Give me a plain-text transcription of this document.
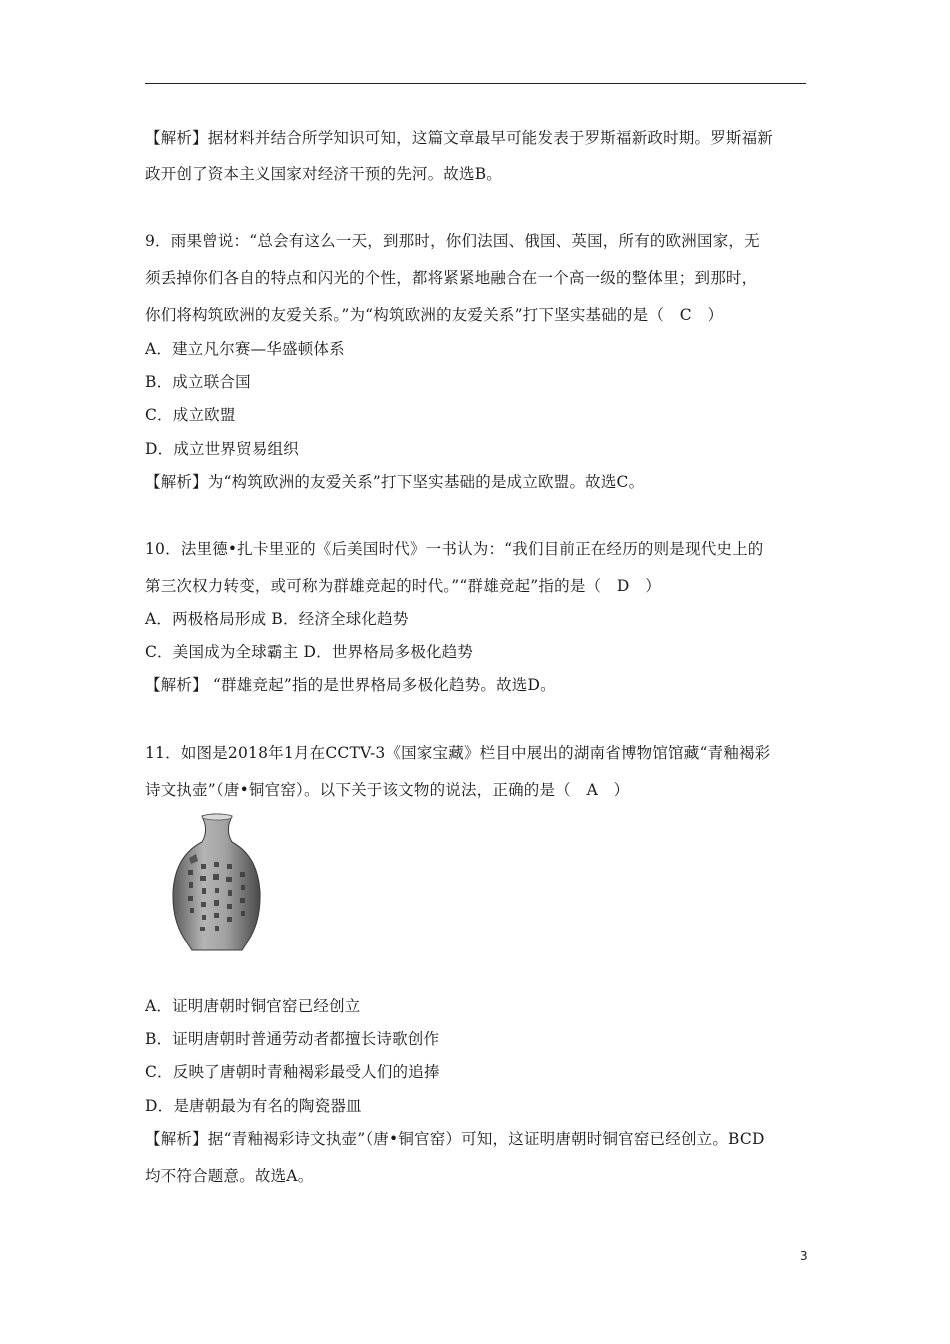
【解析】据材料并结合所学知识可知，这篇文章最早可能发表于罗斯福新政时期。罗斯福新
政开创了资本主义国家对经济干预的先河。故选B。
9．雨果曾说：“总会有这么一天，到那时，你们法国、俄国、英国，所有的欧洲国家，无
须丢掉你们各自的特点和闪光的个性，都将紧紧地融合在一个高一级的整体里；到那时，
你们将构筑欧洲的友爱关系。”为“构筑欧洲的友爱关系”打下坚实基础的是（　C　）
A．建立凡尔赛—华盛顿体系
B．成立联合国
C．成立欧盟
D．成立世界贸易组织
【解析】为“构筑欧洲的友爱关系”打下坚实基础的是成立欧盟。故选C。
10．法里德•扎卡里亚的《后美国时代》一书认为：“我们目前正在经历的则是现代史上的
第三次权力转变，或可称为群雄竞起的时代。”“群雄竞起”指的是（　D　）
A．两极格局形成 B．经济全球化趋势
C．美国成为全球霸主 D．世界格局多极化趋势
【解析】 “群雄竞起”指的是世界格局多极化趋势。故选D。
11．如图是2018年1月在CCTV-3《国家宝藏》栏目中展出的湖南省博物馆馆藏“青釉褐彩
诗文执壶”（唐•铜官窑）。以下关于该文物的说法，正确的是（　A　）
A．证明唐朝时铜官窑已经创立
B．证明唐朝时普通劳动者都擅长诗歌创作
C．反映了唐朝时青釉褐彩最受人们的追捧
D．是唐朝最为有名的陶瓷器皿
【解析】据“青釉褐彩诗文执壶”（唐•铜官窑）可知，这证明唐朝时铜官窑已经创立。BCD
均不符合题意。故选A。
3
